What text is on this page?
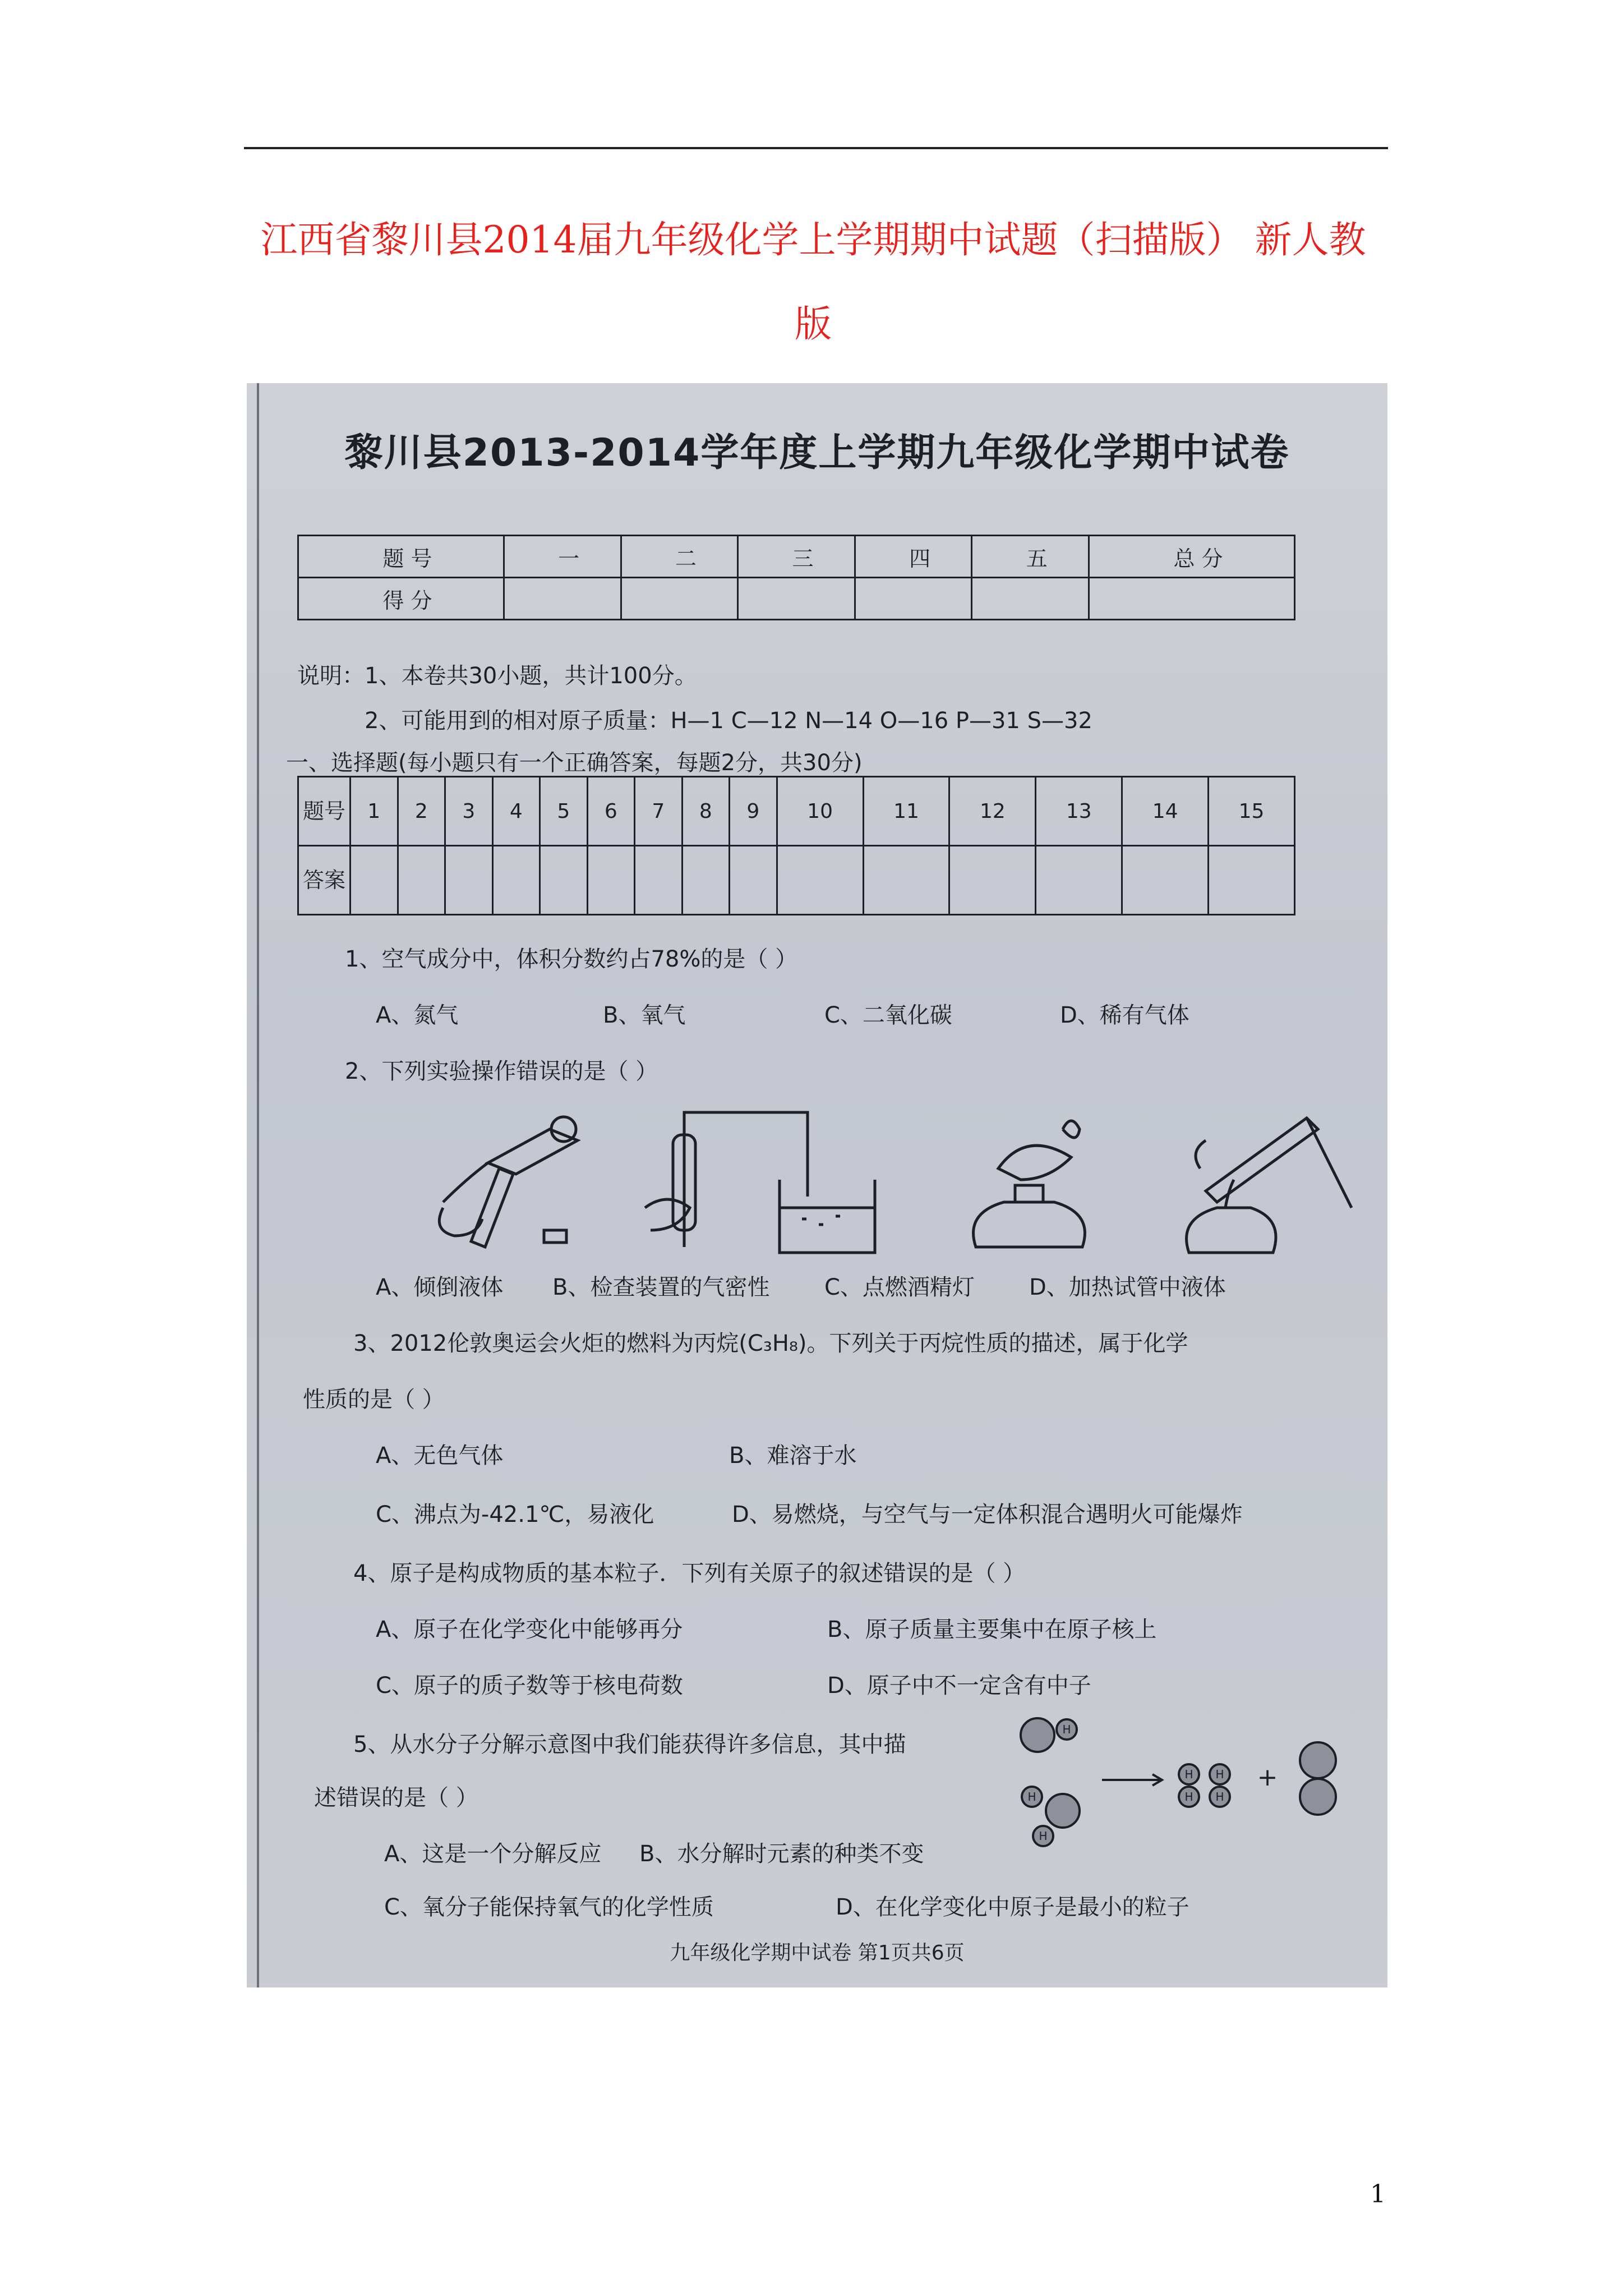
江西省黎川县2014届九年级化学上学期期中试题（扫描版） 新人教
版
黎川县2013-2014学年度上学期九年级化学期中试卷
题 号	一	二	三	四	五	总 分
得 分						
说明：1、本卷共30小题，共计100分。
2、可能用到的相对原子质量：H—1 C—12 N—14 O—16 P—31 S—32
一、选择题(每小题只有一个正确答案，每题2分，共30分)
题号	1	2	3	4	5	6	7	8	9	10	11	12	13	14	15
答案															
1、空气成分中，体积分数约占78%的是（ ）
A、氮气	B、氧气	C、二氧化碳	D、稀有气体
2、下列实验操作错误的是（ ）
A、倾倒液体 B、检查装置的气密性 C、点燃酒精灯 D、加热试管中液体
3、2012伦敦奥运会火炬的燃料为丙烷(C₃H₈)。下列关于丙烷性质的描述，属于化学
性质的是（ ）
A、无色气体	B、难溶于水
C、沸点为-42.1℃，易液化	D、易燃烧，与空气与一定体积混合遇明火可能爆炸
4、原子是构成物质的基本粒子．下列有关原子的叙述错误的是（ ）
A、原子在化学变化中能够再分	B、原子质量主要集中在原子核上
C、原子的质子数等于核电荷数	D、原子中不一定含有中子
5、从水分子分解示意图中我们能获得许多信息，其中描
述错误的是（ ）
H
H
H
H H
H H
+
A、这是一个分解反应 B、水分解时元素的种类不变
C、氧分子能保持氧气的化学性质	D、在化学变化中原子是最小的粒子
九年级化学期中试卷 第1页共6页
1
